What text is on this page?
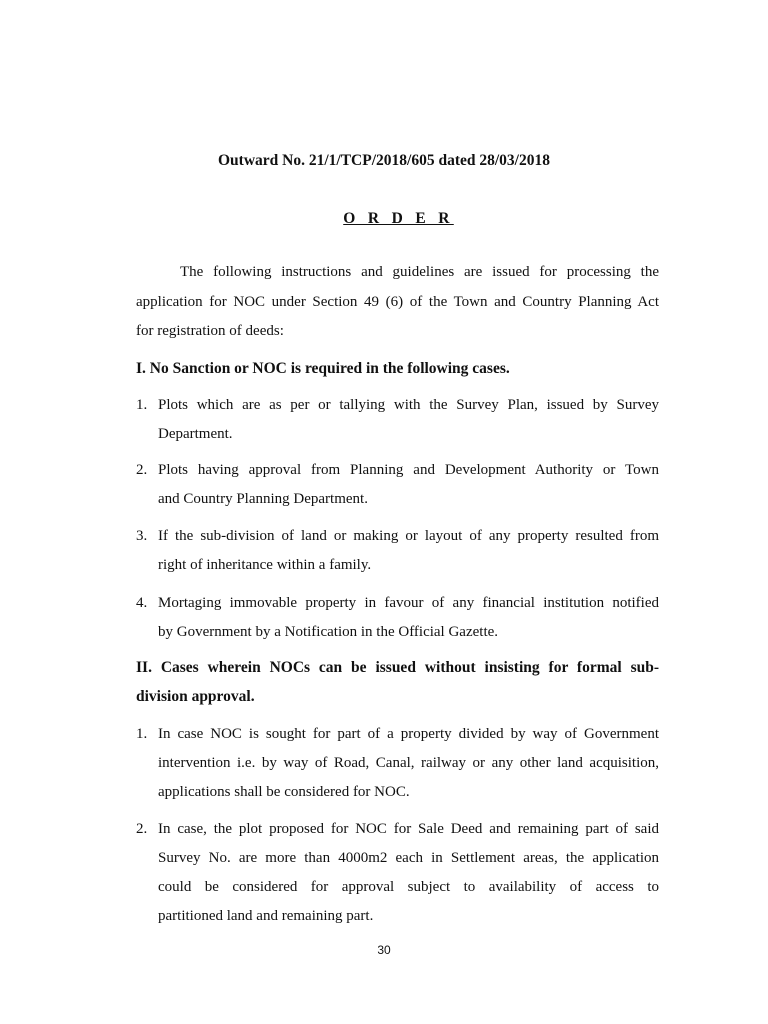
Outward No. 21/1/TCP/2018/605 dated 28/03/2018
O R D E R
The following instructions and guidelines are issued for processing the
application for NOC under Section 49 (6) of the Town and Country Planning Act
for registration of deeds:
I. No Sanction or NOC is required in the following cases.
1. Plots which are as per or tallying with the Survey Plan, issued by Survey
Department.
2. Plots having approval from Planning and Development Authority or Town
and Country Planning Department.
3. If the sub-division of land or making or layout of any property resulted from
right of inheritance within a family.
4. Mortaging immovable property in favour of any financial institution notified
by Government by a Notification in the Official Gazette.
II. Cases wherein NOCs can be issued without insisting for formal sub-
division approval.
1. In case NOC is sought for part of a property divided by way of Government
intervention i.e. by way of Road, Canal, railway or any other land acquisition,
applications shall be considered for NOC.
2. In case, the plot proposed for NOC for Sale Deed and remaining part of said
Survey No. are more than 4000m2 each in Settlement areas, the application
could be considered for approval subject to availability of access to
partitioned land and remaining part.
30
